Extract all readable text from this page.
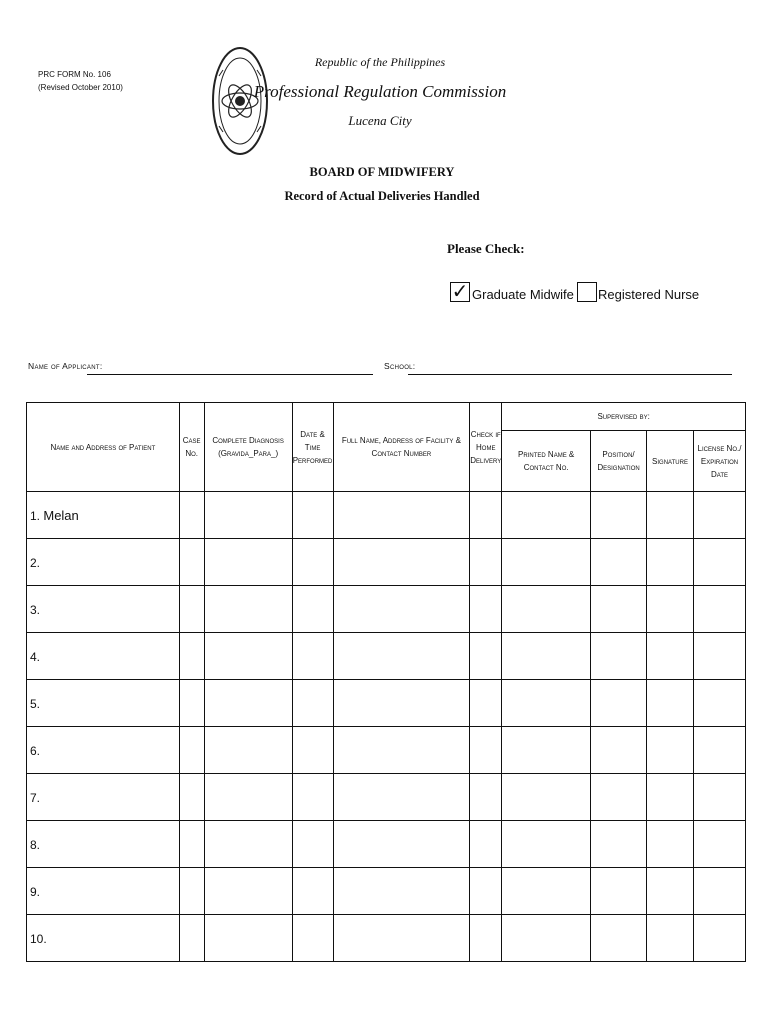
PRC FORM No. 106
(Revised October 2010)
Republic of the Philippines
Professional Regulation Commission
Lucena City
BOARD OF MIDWIFERY
Record of Actual Deliveries Handled
Please Check:
✓ Graduate Midwife Registered Nurse
Name of Applicant:	School:
Name and Address of Patient	Case No.	Complete Diagnosis (Gravida_Para_)	Date & Time Performed	Full Name, Address of Facility & Contact Number	Check if Home Delivery	Supervised by:			
						Printed Name & Contact No.	Position/ Designation	Signature	License No./ Expiration Date
1. Melan									
2.									
3.									
4.									
5.									
6.									
7.									
8.									
9.									
10.									
